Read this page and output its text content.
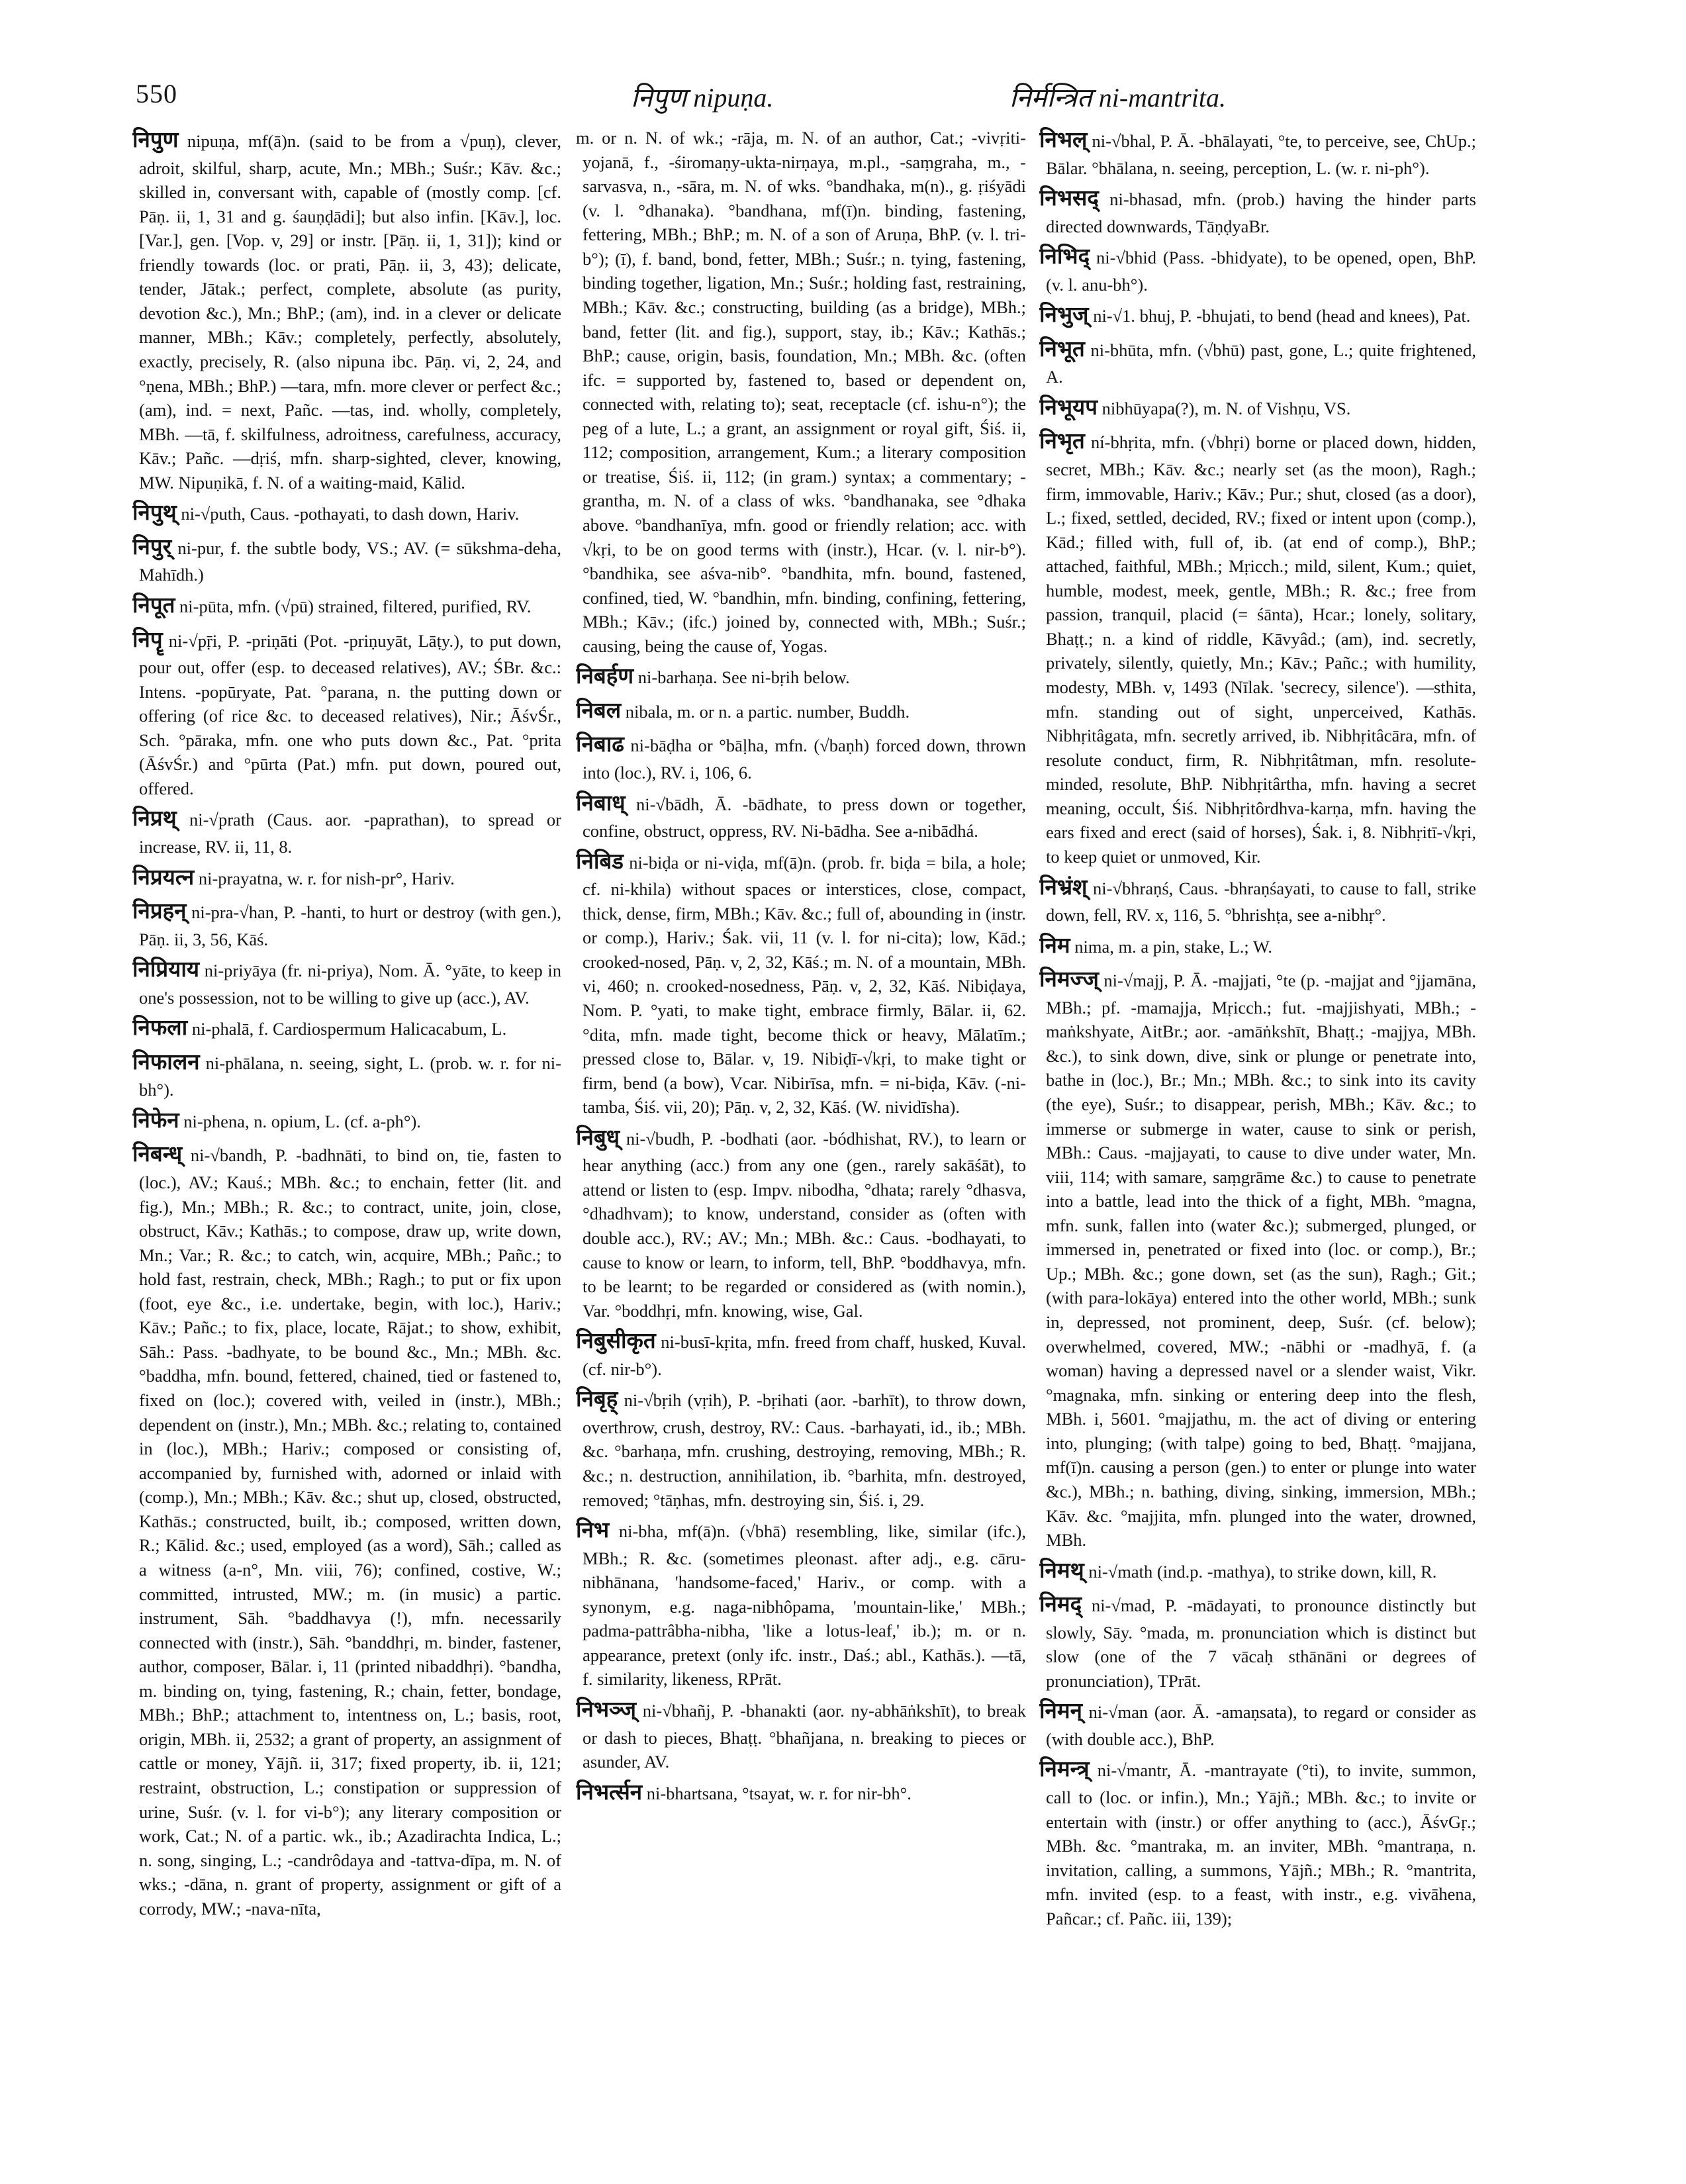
550	निपुण nipuṇa.	निर्मन्त्रित ni-mantrita.

निपुण nipuṇa, mf(ā)n. (said to be from a √puṇ), clever, adroit, skilful, sharp, acute, Mn.; MBh.; Suśr.; Kāv. &c.; skilled in, conversant with, capable of (mostly comp. [cf. Pāṇ. ii, 1, 31 and g. śauṇḍādi]; but also infin. [Kāv.], loc. [Var.], gen. [Vop. v, 29] or instr. [Pāṇ. ii, 1, 31]); kind or friendly towards (loc. or prati, Pāṇ. ii, 3, 43); delicate, tender, Jātak.; perfect, complete, absolute (as purity, devotion &c.), Mn.; BhP.; (am), ind. in a clever or delicate manner, MBh.; Kāv.; completely, perfectly, absolutely, exactly, precisely, R. (also nipuna ibc. Pāṇ. vi, 2, 24, and °ṇena, MBh.; BhP.) —tara, mfn. more clever or perfect &c.; (am), ind. = next, Pañc. —tas, ind. wholly, completely, MBh. —tā, f. skilfulness, adroitness, carefulness, accuracy, Kāv.; Pañc. —dṛiś, mfn. sharp-sighted, clever, knowing, MW. Nipuṇikā, f. N. of a waiting-maid, Kālid.

निपुथ् ni-√puth, Caus. -pothayati, to dash down, Hariv.

निपुर् ni-pur, f. the subtle body, VS.; AV. (= sūkshma-deha, Mahīdh.)

निपूत ni-pūta, mfn. (√pū) strained, filtered, purified, RV.

निपॄ ni-√pṝi, P. -priṇāti (Pot. -priṇuyāt, Lāṭy.), to put down, pour out, offer (esp. to deceased relatives), AV.; ŚBr. &c.: Intens. -popūryate, Pat. °parana, n. the putting down or offering (of rice &c. to deceased relatives), Nir.; ĀśvŚr., Sch. °pāraka, mfn. one who puts down &c., Pat. °prita (ĀśvŚr.) and °pūrta (Pat.) mfn. put down, poured out, offered.

निप्रथ् ni-√prath (Caus. aor. -paprathan), to spread or increase, RV. ii, 11, 8.

निप्रयत्न ni-prayatna, w. r. for nish-pr°, Hariv.

निप्रहन् ni-pra-√han, P. -hanti, to hurt or destroy (with gen.), Pāṇ. ii, 3, 56, Kāś.

निप्रियाय ni-priyāya (fr. ni-priya), Nom. Ā. °yāte, to keep in one's possession, not to be willing to give up (acc.), AV.

निफला ni-phalā, f. Cardiospermum Halicacabum, L.

निफालन ni-phālana, n. seeing, sight, L. (prob. w. r. for ni-bh°).

निफेन ni-phena, n. opium, L. (cf. a-ph°).

निबन्ध् ni-√bandh, P. -badhnāti, to bind on, tie, fasten to (loc.), AV.; Kauś.; MBh. &c.; to enchain, fetter (lit. and fig.), Mn.; MBh.; R. &c.; to contract, unite, join, close, obstruct, Kāv.; Kathās.; to compose, draw up, write down, Mn.; Var.; R. &c.; to catch, win, acquire, MBh.; Pañc.; to hold fast, restrain, check, MBh.; Ragh.; to put or fix upon (foot, eye &c., i.e. undertake, begin, with loc.), Hariv.; Kāv.; Pañc.; to fix, place, locate, Rājat.; to show, exhibit, Sāh.: Pass. -badhyate, to be bound &c., Mn.; MBh. &c. °baddha, mfn. bound, fettered, chained, tied or fastened to, fixed on (loc.); covered with, veiled in (instr.), MBh.; dependent on (instr.), Mn.; MBh. &c.; relating to, contained in (loc.), MBh.; Hariv.; composed or consisting of, accompanied by, furnished with, adorned or inlaid with (comp.), Mn.; MBh.; Kāv. &c.; shut up, closed, obstructed, Kathās.; constructed, built, ib.; composed, written down, R.; Kālid. &c.; used, employed (as a word), Sāh.; called as a witness (a-n°, Mn. viii, 76); confined, costive, W.; committed, intrusted, MW.; m. (in music) a partic. instrument, Sāh. °baddhavya (!), mfn. necessarily connected with (instr.), Sāh. °banddhṛi, m. binder, fastener, author, composer, Bālar. i, 11 (printed nibaddhṛi). °bandha, m. binding on, tying, fastening, R.; chain, fetter, bondage, MBh.; BhP.; attachment to, intentness on, L.; basis, root, origin, MBh. ii, 2532; a grant of property, an assignment of cattle or money, Yājñ. ii, 317; fixed property, ib. ii, 121; restraint, obstruction, L.; constipation or suppression of urine, Suśr. (v. l. for vi-b°); any literary composition or work, Cat.; N. of a partic. wk., ib.; Azadirachta Indica, L.; n. song, singing, L.; -candrôdaya and -tattva-dīpa, m. N. of wks.; -dāna, n. grant of property, assignment or gift of a corrody, MW.; -nava-nīta,

m. or n. N. of wk.; -rāja, m. N. of an author, Cat.; -vivṛiti-yojanā, f., -śiromaṇy-ukta-nirṇaya, m.pl., -saṃgraha, m., -sarvasva, n., -sāra, m. N. of wks. °bandhaka, m(n)., g. ṛiśyādi (v. l. °dhanaka). °bandhana, mf(ī)n. binding, fastening, fettering, MBh.; BhP.; m. N. of a son of Aruṇa, BhP. (v. l. tri-b°); (ī), f. band, bond, fetter, MBh.; Suśr.; n. tying, fastening, binding together, ligation, Mn.; Suśr.; holding fast, restraining, MBh.; Kāv. &c.; constructing, building (as a bridge), MBh.; band, fetter (lit. and fig.), support, stay, ib.; Kāv.; Kathās.; BhP.; cause, origin, basis, foundation, Mn.; MBh. &c. (often ifc. = supported by, fastened to, based or dependent on, connected with, relating to); seat, receptacle (cf. ishu-n°); the peg of a lute, L.; a grant, an assignment or royal gift, Śiś. ii, 112; composition, arrangement, Kum.; a literary composition or treatise, Śiś. ii, 112; (in gram.) syntax; a commentary; -grantha, m. N. of a class of wks. °bandhanaka, see °dhaka above. °bandhanīya, mfn. good or friendly relation; acc. with √kṛi, to be on good terms with (instr.), Hcar. (v. l. nir-b°). °bandhika, see aśva-nib°. °bandhita, mfn. bound, fastened, confined, tied, W. °bandhin, mfn. binding, confining, fettering, MBh.; Kāv.; (ifc.) joined by, connected with, MBh.; Suśr.; causing, being the cause of, Yogas.

निबर्हण ni-barhaṇa. See ni-bṛih below.

निबल nibala, m. or n. a partic. number, Buddh.

निबाढ ni-bāḍha or °bāḷha, mfn. (√baṇh) forced down, thrown into (loc.), RV. i, 106, 6.

निबाध् ni-√bādh, Ā. -bādhate, to press down or together, confine, obstruct, oppress, RV. Ni-bādha. See a-nibādhá.

निबिड ni-biḍa or ni-viḍa, mf(ā)n. (prob. fr. biḍa = bila, a hole; cf. ni-khila) without spaces or interstices, close, compact, thick, dense, firm, MBh.; Kāv. &c.; full of, abounding in (instr. or comp.), Hariv.; Śak. vii, 11 (v. l. for ni-cita); low, Kād.; crooked-nosed, Pāṇ. v, 2, 32, Kāś.; m. N. of a mountain, MBh. vi, 460; n. crooked-nosedness, Pāṇ. v, 2, 32, Kāś. Nibiḍaya, Nom. P. °yati, to make tight, embrace firmly, Bālar. ii, 62. °dita, mfn. made tight, become thick or heavy, Mālatīm.; pressed close to, Bālar. v, 19. Nibiḍī-√kṛi, to make tight or firm, bend (a bow), Vcar. Nibirīsa, mfn. = ni-biḍa, Kāv. (-ni-tamba, Śiś. vii, 20); Pāṇ. v, 2, 32, Kāś. (W. nividīsha).

निबुध् ni-√budh, P. -bodhati (aor. -bódhishat, RV.), to learn or hear anything (acc.) from any one (gen., rarely sakāśāt), to attend or listen to (esp. Impv. nibodha, °dhata; rarely °dhasva, °dhadhvam); to know, understand, consider as (often with double acc.), RV.; AV.; Mn.; MBh. &c.: Caus. -bodhayati, to cause to know or learn, to inform, tell, BhP. °boddhavya, mfn. to be learnt; to be regarded or considered as (with nomin.), Var. °boddhṛi, mfn. knowing, wise, Gal.

निबुसीकृत ni-busī-kṛita, mfn. freed from chaff, husked, Kuval. (cf. nir-b°).

निबृह् ni-√bṛih (vṛih), P. -bṛihati (aor. -barhīt), to throw down, overthrow, crush, destroy, RV.: Caus. -barhayati, id., ib.; MBh. &c. °barhaṇa, mfn. crushing, destroying, removing, MBh.; R. &c.; n. destruction, annihilation, ib. °barhita, mfn. destroyed, removed; °tāṇhas, mfn. destroying sin, Śiś. i, 29.

निभ ni-bha, mf(ā)n. (√bhā) resembling, like, similar (ifc.), MBh.; R. &c. (sometimes pleonast. after adj., e.g. cāru-nibhānana, 'handsome-faced,' Hariv., or comp. with a synonym, e.g. naga-nibhôpama, 'mountain-like,' MBh.; padma-pattrâbha-nibha, 'like a lotus-leaf,' ib.); m. or n. appearance, pretext (only ifc. instr., Daś.; abl., Kathās.). —tā, f. similarity, likeness, RPrāt.

निभञ्ज् ni-√bhañj, P. -bhanakti (aor. ny-abhāṅkshīt), to break or dash to pieces, Bhaṭṭ. °bhañjana, n. breaking to pieces or asunder, AV.

निभर्त्सन ni-bhartsana, °tsayat, w. r. for nir-bh°.

निभल् ni-√bhal, P. Ā. -bhālayati, °te, to perceive, see, ChUp.; Bālar. °bhālana, n. seeing, perception, L. (w. r. ni-ph°).

निभसद् ni-bhasad, mfn. (prob.) having the hinder parts directed downwards, TāṇḍyaBr.

निभिद् ni-√bhid (Pass. -bhidyate), to be opened, open, BhP. (v. l. anu-bh°).

निभुज् ni-√1. bhuj, P. -bhujati, to bend (head and knees), Pat.

निभूत ni-bhūta, mfn. (√bhū) past, gone, L.; quite frightened, A.

निभूयप nibhūyapa(?), m. N. of Vishṇu, VS.

निभृत ní-bhṛita, mfn. (√bhṛi) borne or placed down, hidden, secret, MBh.; Kāv. &c.; nearly set (as the moon), Ragh.; firm, immovable, Hariv.; Kāv.; Pur.; shut, closed (as a door), L.; fixed, settled, decided, RV.; fixed or intent upon (comp.), Kād.; filled with, full of, ib. (at end of comp.), BhP.; attached, faithful, MBh.; Mṛicch.; mild, silent, Kum.; quiet, humble, modest, meek, gentle, MBh.; R. &c.; free from passion, tranquil, placid (= śānta), Hcar.; lonely, solitary, Bhaṭṭ.; n. a kind of riddle, Kāvyâd.; (am), ind. secretly, privately, silently, quietly, Mn.; Kāv.; Pañc.; with humility, modesty, MBh. v, 1493 (Nīlak. 'secrecy, silence'). —sthita, mfn. standing out of sight, unperceived, Kathās. Nibhṛitâgata, mfn. secretly arrived, ib. Nibhṛitâcāra, mfn. of resolute conduct, firm, R. Nibhṛitâtman, mfn. resolute-minded, resolute, BhP. Nibhṛitârtha, mfn. having a secret meaning, occult, Śiś. Nibhṛitôrdhva-karṇa, mfn. having the ears fixed and erect (said of horses), Śak. i, 8. Nibhṛitī-√kṛi, to keep quiet or unmoved, Kir.

निभ्रंश् ni-√bhraṇś, Caus. -bhraṇśayati, to cause to fall, strike down, fell, RV. x, 116, 5. °bhrishṭa, see a-nibhṛ°.

निम nima, m. a pin, stake, L.; W.

निमज्ज् ni-√majj, P. Ā. -majjati, °te (p. -majjat and °jjamāna, MBh.; pf. -mamajja, Mṛicch.; fut. -majjishyati, MBh.; -maṅkshyate, AitBr.; aor. -amāṅkshīt, Bhaṭṭ.; -majjya, MBh. &c.), to sink down, dive, sink or plunge or penetrate into, bathe in (loc.), Br.; Mn.; MBh. &c.; to sink into its cavity (the eye), Suśr.; to disappear, perish, MBh.; Kāv. &c.; to immerse or submerge in water, cause to sink or perish, MBh.: Caus. -majjayati, to cause to dive under water, Mn. viii, 114; with samare, saṃgrāme &c.) to cause to penetrate into a battle, lead into the thick of a fight, MBh. °magna, mfn. sunk, fallen into (water &c.); submerged, plunged, or immersed in, penetrated or fixed into (loc. or comp.), Br.; Up.; MBh. &c.; gone down, set (as the sun), Ragh.; Git.; (with para-lokāya) entered into the other world, MBh.; sunk in, depressed, not prominent, deep, Suśr. (cf. below); overwhelmed, covered, MW.; -nābhi or -madhyā, f. (a woman) having a depressed navel or a slender waist, Vikr. °magnaka, mfn. sinking or entering deep into the flesh, MBh. i, 5601. °majjathu, m. the act of diving or entering into, plunging; (with talpe) going to bed, Bhaṭṭ. °majjana, mf(ī)n. causing a person (gen.) to enter or plunge into water &c.), MBh.; n. bathing, diving, sinking, immersion, MBh.; Kāv. &c. °majjita, mfn. plunged into the water, drowned, MBh.

निमथ् ni-√math (ind.p. -mathya), to strike down, kill, R.

निमद् ni-√mad, P. -mādayati, to pronounce distinctly but slowly, Sāy. °mada, m. pronunciation which is distinct but slow (one of the 7 vācaḥ sthānāni or degrees of pronunciation), TPrāt.

निमन् ni-√man (aor. Ā. -amaṇsata), to regard or consider as (with double acc.), BhP.

निमन्त्र् ni-√mantr, Ā. -mantrayate (°ti), to invite, summon, call to (loc. or infin.), Mn.; Yājñ.; MBh. &c.; to invite or entertain with (instr.) or offer anything to (acc.), ĀśvGṛ.; MBh. &c. °mantraka, m. an inviter, MBh. °mantraṇa, n. invitation, calling, a summons, Yājñ.; MBh.; R. °mantrita, mfn. invited (esp. to a feast, with instr., e.g. vivāhena, Pañcar.; cf. Pañc. iii, 139);
